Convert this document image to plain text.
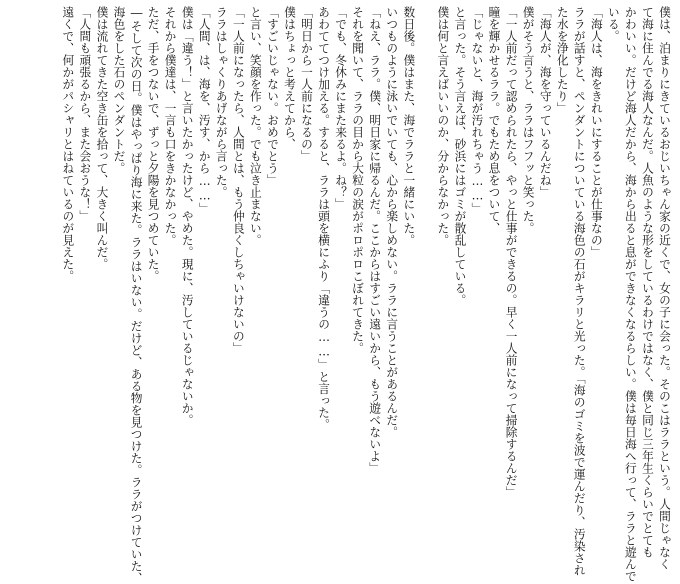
僕は、泊まりにきているおじいちゃん家の近くで、女の子に会った。そのこはララという。人間じゃなく
て海に住んでる海人なんだ。人魚のような形をしているわけではなく、僕と同じ三年生くらいでとても
かわいい。だけど海人だから、海から出ると息ができなくなるらしい。僕は毎日海へ行って、ララと遊んで
いる。
「海人は、海をきれいにすることが仕事なの」
ララが話すと、ペンダントについている海色の石がキラリと光った。「海のゴミを波で運んだり、汚染され
た水を浄化したり」
「海人が、海を守っているんだね」
僕がそう言うと、ララはフフッと笑った。
「一人前だって認められたら、やっと仕事ができるの。早く一人前になって掃除するんだ」
瞳を輝かせるララ。でもため息をついて、
「じゃないと、海が汚れちゃう……」
と言った。そう言えば、砂浜にはゴミが散乱している。
僕は何と言えばいいのか、分からなかった。

数日後。僕はまた、海でララと一緒にいた。
いつものように泳いでいても、心から楽しめない。ララに言うことがあるんだ。
「ねえ、ララ。僕、明日家に帰るんだ。ここからはすごい遠いから、もう遊べないよ」
それを聞いて、ララの目から大粒の涙がポロポロこぼれてきた。
「でも、冬休みにまた来るよ。ね？」
あわててつけ加える。すると、ララは頭を横にふり「違うの……」と言った。
「明日から一人前になるの」
僕はちょっと考えてから、
「すごいじゃない。おめでとう」
と言い、笑顔を作った。でも泣き止まない。
「一人前になったら、人間とは、もう仲良くしちゃいけないの」
ララはしゃくりあげながら言った。
「人間、は、海を、汚す、から……」
僕は「違う！」と言いたかったけど、やめた。現に、汚しているじゃないか。
それから僕達は、一言も口をきかなかった。
ただ、手をつないで、ずっと夕陽を見つめていた。
―そして次の日。僕はやっぱり海に来た。ララはいない。だけど、ある物を見つけた。ララがつけていた、
海色をした石のペンダントだ。
僕は流れてきた空き缶を拾って、大きく叫んだ。
「人間も頑張るから、また会おうな！」
遠くで、何かがパシャリとはねているのが見えた。
